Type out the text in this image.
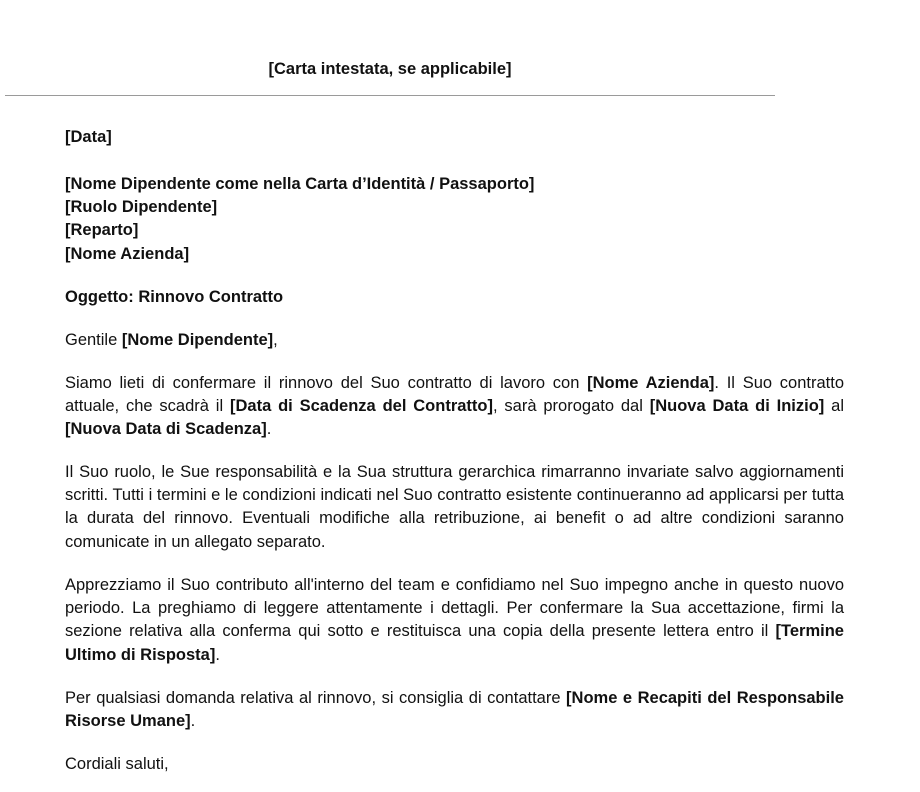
[Carta intestata, se applicabile]

[Data]

[Nome Dipendente come nella Carta d’Identità / Passaporto]
[Ruolo Dipendente]
[Reparto]
[Nome Azienda]

Oggetto: Rinnovo Contratto

Gentile [Nome Dipendente],

Siamo lieti di confermare il rinnovo del Suo contratto di lavoro con [Nome Azienda]. Il Suo contratto attuale, che scadrà il [Data di Scadenza del Contratto], sarà prorogato dal [Nuova Data di Inizio] al [Nuova Data di Scadenza].

Il Suo ruolo, le Sue responsabilità e la Sua struttura gerarchica rimarranno invariate salvo aggiornamenti scritti. Tutti i termini e le condizioni indicati nel Suo contratto esistente continueranno ad applicarsi per tutta la durata del rinnovo. Eventuali modifiche alla retribuzione, ai benefit o ad altre condizioni saranno comunicate in un allegato separato.

Apprezziamo il Suo contributo all'interno del team e confidiamo nel Suo impegno anche in questo nuovo periodo. La preghiamo di leggere attentamente i dettagli. Per confermare la Sua accettazione, firmi la sezione relativa alla conferma qui sotto e restituisca una copia della presente lettera entro il [Termine Ultimo di Risposta].

Per qualsiasi domanda relativa al rinnovo, si consiglia di contattare [Nome e Recapiti del Responsabile Risorse Umane].

Cordiali saluti,
